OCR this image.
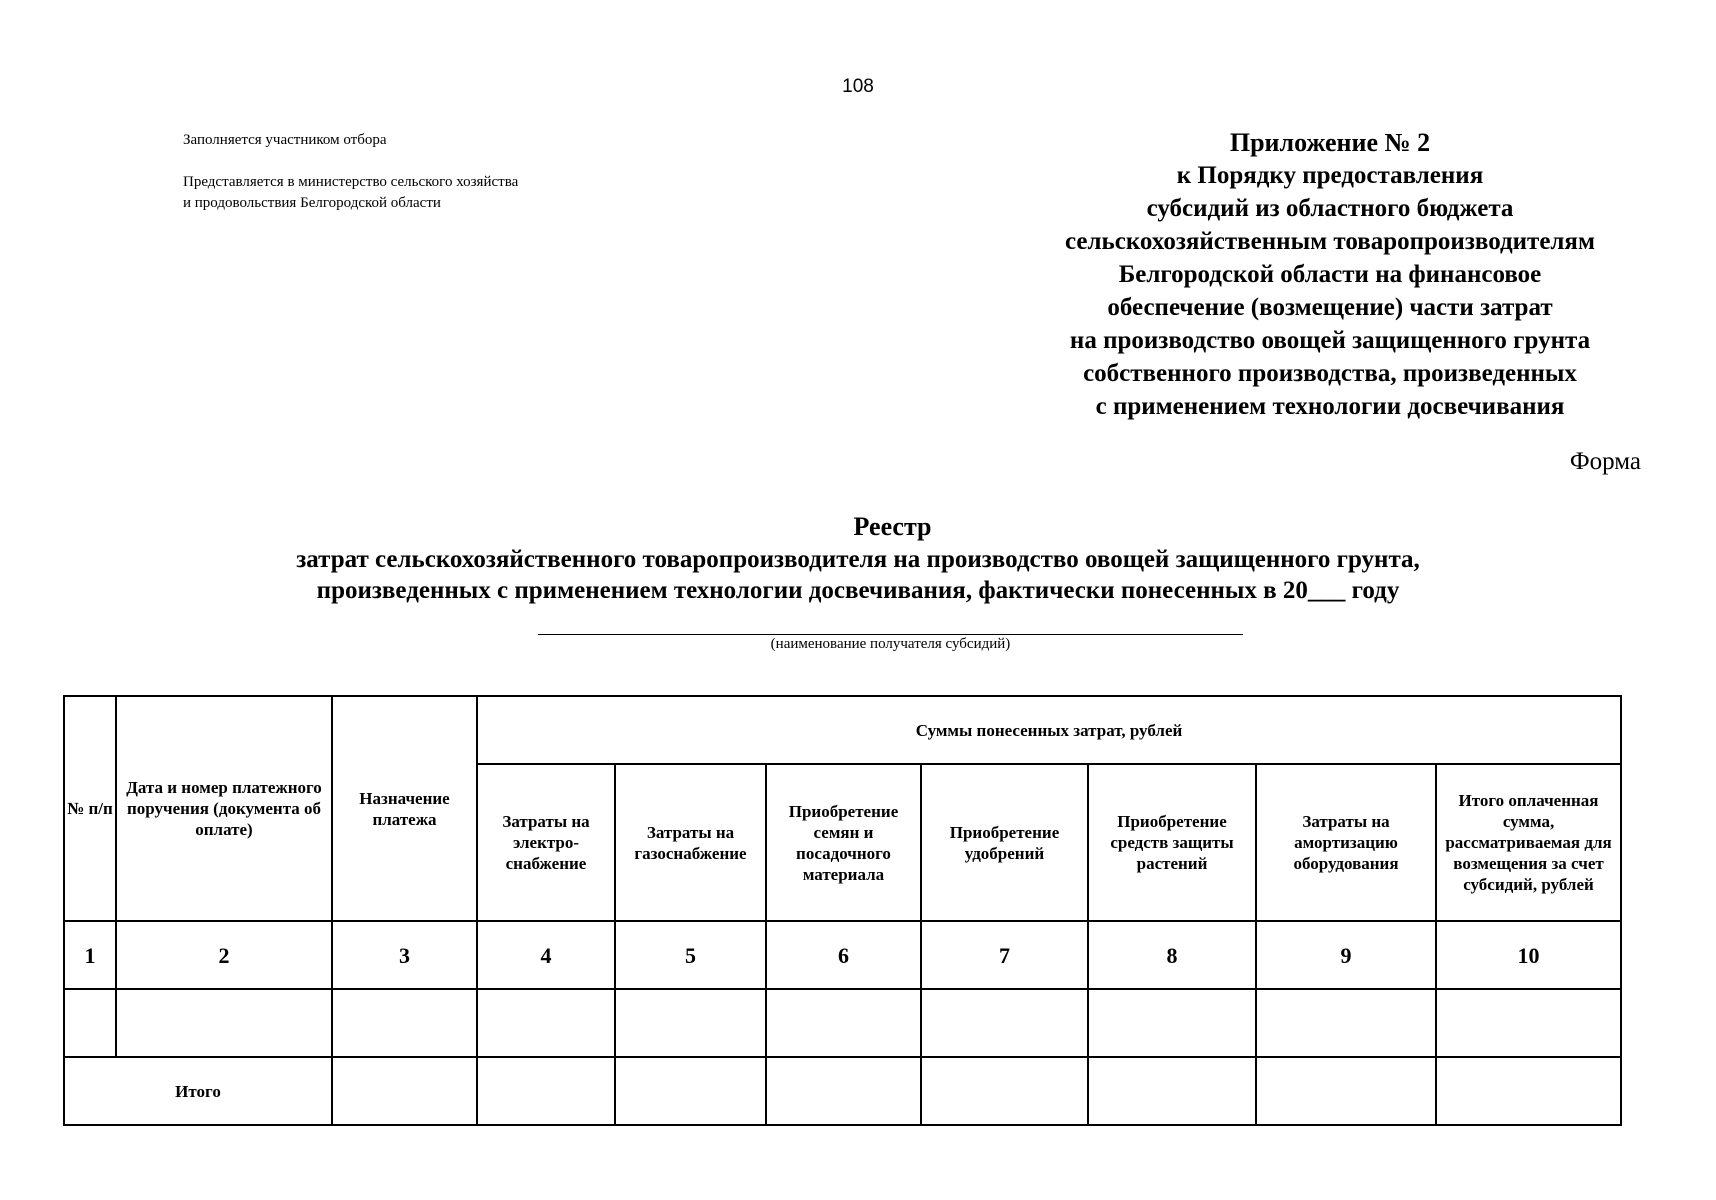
108
Заполняется участником отбора
Представляется в министерство сельского хозяйства
и продовольствия Белгородской области
Приложение № 2
к Порядку предоставления
субсидий из областного бюджета
сельскохозяйственным товаропроизводителям
Белгородской области на финансовое
обеспечение (возмещение) части затрат
на производство овощей защищенного грунта
собственного производства, произведенных
с применением технологии досвечивания
Форма
Реестр
затрат сельскохозяйственного товаропроизводителя на производство овощей защищенного грунта,
произведенных с применением технологии досвечивания, фактически понесенных в 20___ году
(наименование получателя субсидий)
№ п/п	Дата и номер платежного поручения (документа об оплате)	Назначение платежа	Суммы понесенных затрат, рублей						
			Затраты на электро-снабжение	Затраты на газоснабжение	Приобретение семян и посадочного материала	Приобретение удобрений	Приобретение средств защиты растений	Затраты на амортизацию оборудования	Итого оплаченная сумма, рассматриваемая для возмещения за счет субсидий, рублей
1	2	3	4	5	6	7	8	9	10

Итого									
